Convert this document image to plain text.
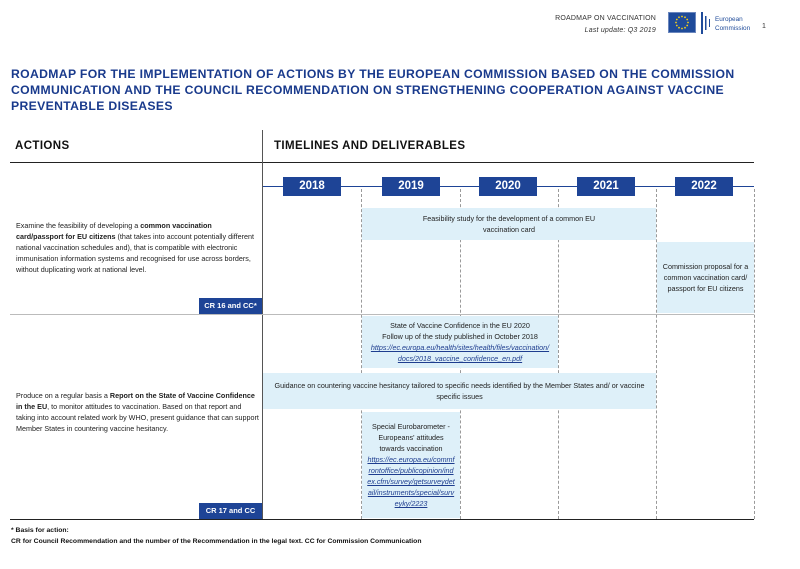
ROADMAP ON VACCINATION
Last update: Q3 2019
European
Commission 1
ROADMAP FOR THE IMPLEMENTATION OF ACTIONS BY THE EUROPEAN COMMISSION BASED ON THE COMMISSION COMMUNICATION AND THE COUNCIL RECOMMENDATION ON STRENGTHENING COOPERATION AGAINST VACCINE PREVENTABLE DISEASES
ACTIONS	TIMELINES AND DELIVERABLES
2018	2019	2020	2021	2022
Examine the feasibility of developing a common vaccination card/passport for EU citizens (that takes into account potentially different national vaccination schedules and), that is compatible with electronic immunisation information systems and recognised for use across borders, without duplicating work at national level.
CR 16 and CC*
Feasibility study for the development of a common EU vaccination card
Commission proposal for a common vaccination card/ passport for EU citizens
Produce on a regular basis a Report on the State of Vaccine Confidence in the EU, to monitor attitudes to vaccination. Based on that report and taking into account related work by WHO, present guidance that can support Member States in countering vaccine hesitancy.
CR 17 and CC
State of Vaccine Confidence in the EU 2020
Follow up of the study published in October 2018
https://ec.europa.eu/health/sites/health/files/vaccination/docs/2018_vaccine_confidence_en.pdf
Guidance on countering vaccine hesitancy tailored to specific needs identified by the Member States and/ or vaccine specific issues
Special Eurobarometer - Europeans' attitudes towards vaccination
https://ec.europa.eu/commfrontoffice/publicopinion/index.cfm/survey/getsurveydetail/instruments/special/surveyky/2223
* Basis for action:
CR for Council Recommendation and the number of the Recommendation in the legal text. CC for Commission Communication
